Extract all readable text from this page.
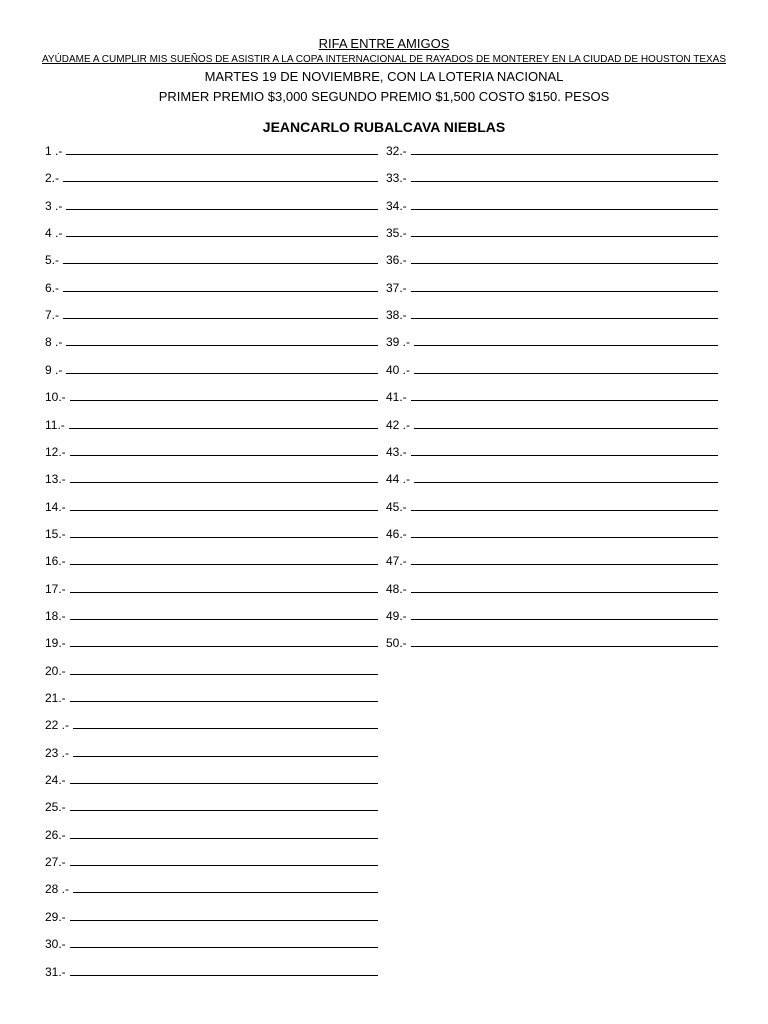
RIFA ENTRE AMIGOS
AYÚDAME A CUMPLIR MIS SUEÑOS DE ASISTIR A LA COPA INTERNACIONAL DE RAYADOS DE MONTEREY EN LA CIUDAD DE HOUSTON TEXAS
MARTES 19 DE NOVIEMBRE, CON LA LOTERIA NACIONAL
PRIMER PREMIO $3,000 SEGUNDO PREMIO $1,500 COSTO $150. PESOS
JEANCARLO RUBALCAVA NIEBLAS
1 .-
2.-
3 .-
4 .-
5.-
6.-
7.-
8 .-
9 .-
10.-
11.-
12.-
13.-
14.-
15.-
16.-
17.-
18.-
19.-
20.-
21.-
22 .-
23 .-
24.-
25.-
26.-
27.-
28 .-
29.-
30.-
31.-
32.-
33.-
34.-
35.-
36.-
37.-
38.-
39 .-
40 .-
41.-
42 .-
43.-
44 .-
45.-
46.-
47.-
48.-
49.-
50.-
